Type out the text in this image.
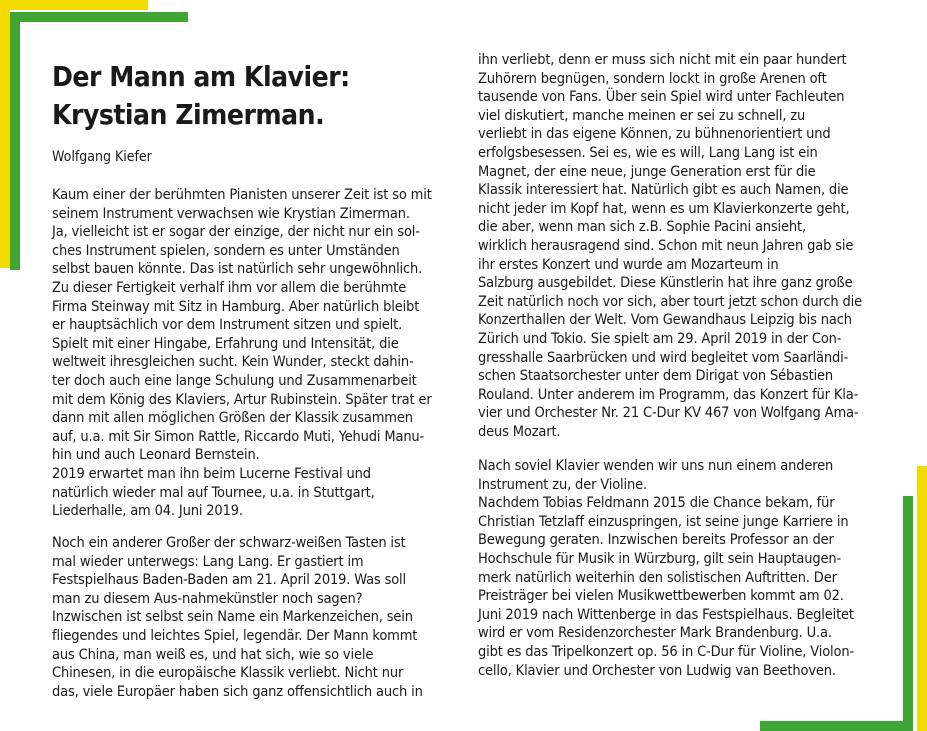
Der Mann am Klavier:
Krystian Zimerman.
Wolfgang Kiefer

Kaum einer der berühmten Pianisten unserer Zeit ist so mit
seinem Instrument verwachsen wie Krystian Zimerman.
Ja, vielleicht ist er sogar der einzige, der nicht nur ein sol-
ches Instrument spielen, sondern es unter Umständen
selbst bauen könnte. Das ist natürlich sehr ungewöhnlich.
Zu dieser Fertigkeit verhalf ihm vor allem die berühmte
Firma Steinway mit Sitz in Hamburg. Aber natürlich bleibt
er hauptsächlich vor dem Instrument sitzen und spielt.
Spielt mit einer Hingabe, Erfahrung und Intensität, die
weltweit ihresgleichen sucht. Kein Wunder, steckt dahin-
ter doch auch eine lange Schulung und Zusammenarbeit
mit dem König des Klaviers, Artur Rubinstein. Später trat er
dann mit allen möglichen Größen der Klassik zusammen
auf, u.a. mit Sir Simon Rattle, Riccardo Muti, Yehudi Manu-
hin und auch Leonard Bernstein.
2019 erwartet man ihn beim Lucerne Festival und
natürlich wieder mal auf Tournee, u.a. in Stuttgart,
Liederhalle, am 04. Juni 2019.

Noch ein anderer Großer der schwarz-weißen Tasten ist
mal wieder unterwegs: Lang Lang. Er gastiert im
Festspielhaus Baden-Baden am 21. April 2019. Was soll
man zu diesem Aus-nahmekünstler noch sagen?
Inzwischen ist selbst sein Name ein Markenzeichen, sein
fliegendes und leichtes Spiel, legendär. Der Mann kommt
aus China, man weiß es, und hat sich, wie so viele
Chinesen, in die europäische Klassik verliebt. Nicht nur
das, viele Europäer haben sich ganz offensichtlich auch in

ihn verliebt, denn er muss sich nicht mit ein paar hundert
Zuhörern begnügen, sondern lockt in große Arenen oft
tausende von Fans. Über sein Spiel wird unter Fachleuten
viel diskutiert, manche meinen er sei zu schnell, zu
verliebt in das eigene Können, zu bühnenorientiert und
erfolgsbesessen. Sei es, wie es will, Lang Lang ist ein
Magnet, der eine neue, junge Generation erst für die
Klassik interessiert hat. Natürlich gibt es auch Namen, die
nicht jeder im Kopf hat, wenn es um Klavierkonzerte geht,
die aber, wenn man sich z.B. Sophie Pacini ansieht,
wirklich herausragend sind. Schon mit neun Jahren gab sie
ihr erstes Konzert und wurde am Mozarteum in
Salzburg ausgebildet. Diese Künstlerin hat ihre ganz große
Zeit natürlich noch vor sich, aber tourt jetzt schon durch die
Konzerthallen der Welt. Vom Gewandhaus Leipzig bis nach
Zürich und Tokio. Sie spielt am 29. April 2019 in der Con-
gresshalle Saarbrücken und wird begleitet vom Saarländi-
schen Staatsorchester unter dem Dirigat von Sébastien
Rouland. Unter anderem im Programm, das Konzert für Kla-
vier und Orchester Nr. 21 C-Dur KV 467 von Wolfgang Ama-
deus Mozart.

Nach soviel Klavier wenden wir uns nun einem anderen
Instrument zu, der Violine.
Nachdem Tobias Feldmann 2015 die Chance bekam, für
Christian Tetzlaff einzuspringen, ist seine junge Karriere in
Bewegung geraten. Inzwischen bereits Professor an der
Hochschule für Musik in Würzburg, gilt sein Hauptaugen-
merk natürlich weiterhin den solistischen Auftritten. Der
Preisträger bei vielen Musikwettbewerben kommt am 02.
Juni 2019 nach Wittenberge in das Festspielhaus. Begleitet
wird er vom Residenzorchester Mark Brandenburg. U.a.
gibt es das Tripelkonzert op. 56 in C-Dur für Violine, Violon-
cello, Klavier und Orchester von Ludwig van Beethoven.
